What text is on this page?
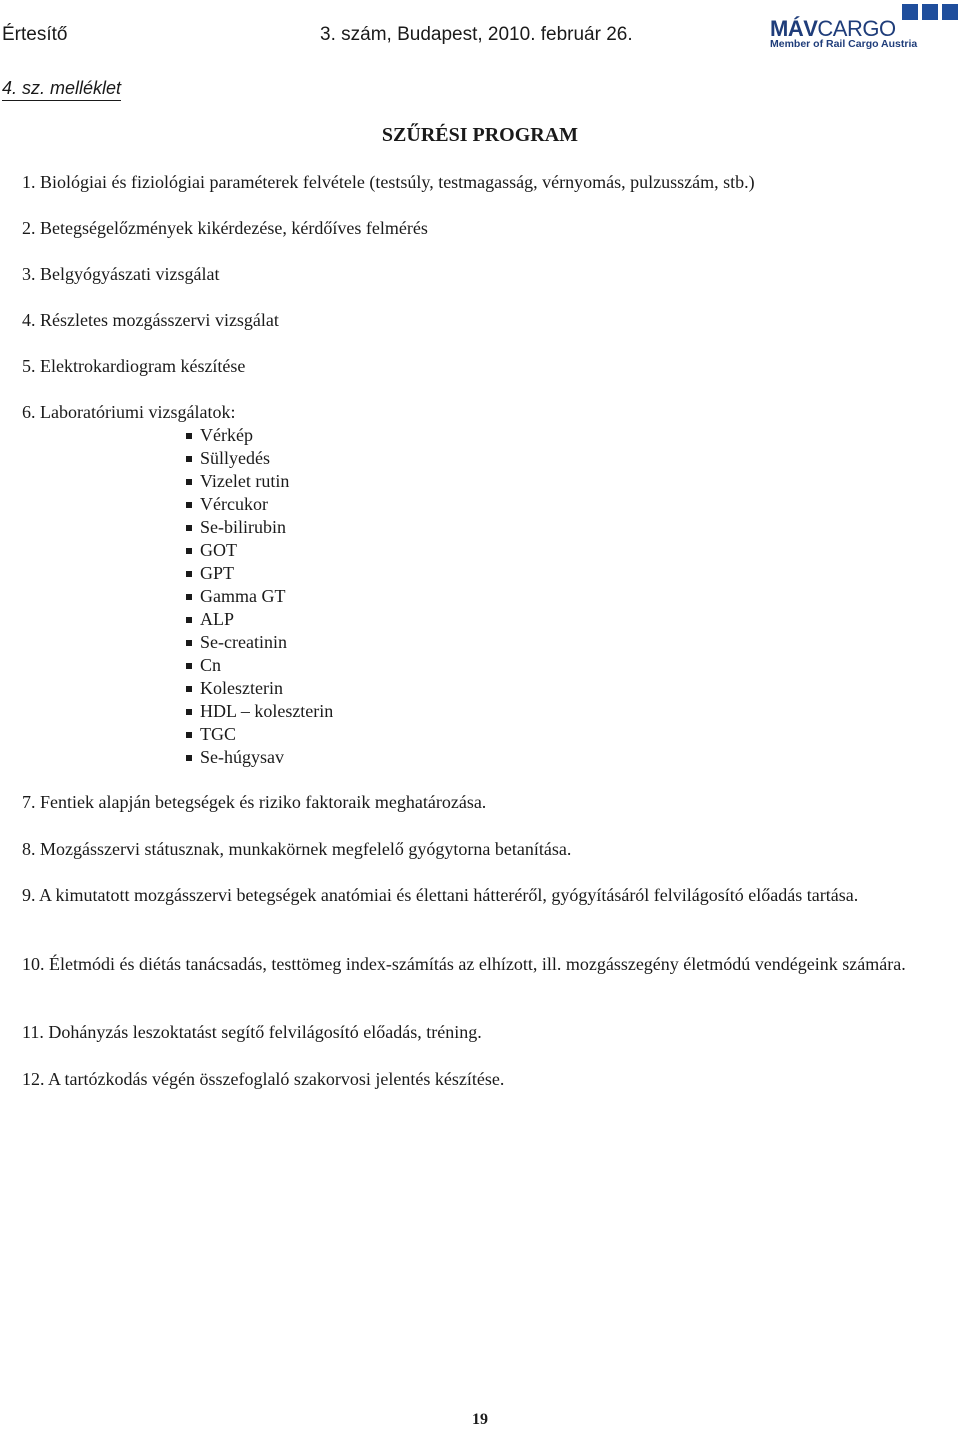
Értesítő	3. szám, Budapest, 2010. február 26.	MÁVCARGO
Member of Rail Cargo Austria
4. sz. melléklet
SZŰRÉSI PROGRAM
1. Biológiai és fiziológiai paraméterek felvétele (testsúly, testmagasság, vérnyomás, pulzusszám, stb.)
2. Betegségelőzmények kikérdezése, kérdőíves felmérés
3. Belgyógyászati vizsgálat
4. Részletes mozgásszervi vizsgálat
5. Elektrokardiogram készítése
6. Laboratóriumi vizsgálatok:
Vérkép
Süllyedés
Vizelet rutin
Vércukor
Se-bilirubin
GOT
GPT
Gamma GT
ALP
Se-creatinin
Cn
Koleszterin
HDL – koleszterin
TGC
Se-húgysav
7. Fentiek alapján betegségek és riziko faktoraik meghatározása.
8. Mozgásszervi státusznak, munkakörnek megfelelő gyógytorna betanítása.
9. A kimutatott mozgásszervi betegségek anatómiai és élettani hátteréről, gyógyításáról felvilágosító előadás tartása.
10. Életmódi és diétás tanácsadás, testtömeg index-számítás az elhízott, ill. mozgásszegény életmódú vendégeink számára.
11. Dohányzás leszoktatást segítő felvilágosító előadás, tréning.
12. A tartózkodás végén összefoglaló szakorvosi jelentés készítése.
19
